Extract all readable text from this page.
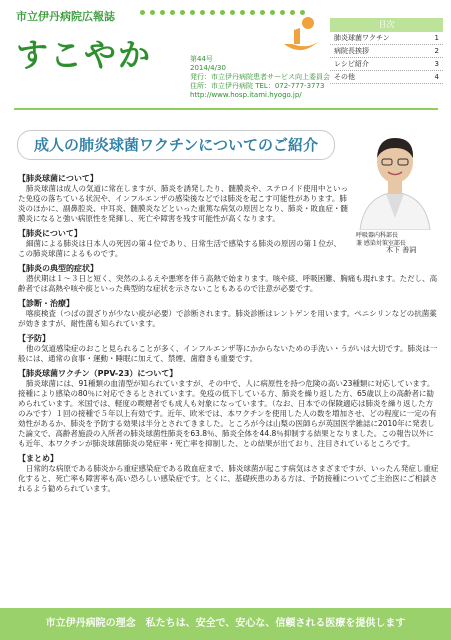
市立伊丹病院広報誌
すこやか	第44号
2014/4/30
発行：市立伊丹病院患者サービス向上委員会
住所：市立伊丹病院 TEL：072-777-3773
http://www.hosp.itami.hyogo.jp/
目次
肺炎球菌ワクチン	1
病院長挨拶	2
レシピ紹介	3
その他	4
成人の肺炎球菌ワクチンについてのご紹介
呼吸器内科部長
兼 感染対策室部長
木下 善詞
【肺炎球菌について】
肺炎球菌は成人の気道に常在しますが、肺炎を誘発したり、髄膜炎や、ステロイド使用中といった免疫の落ちている状況や、インフルエンザの感染後などでは肺炎を起こす可能性があります。肺炎のほかに、副鼻腔炎、中耳炎、髄膜炎などといった重篤な病気の原因となり、肺炎・敗血症・髄膜炎になると強い病原性を発揮し、死亡や障害を残す可能性が高くなります。
【肺炎について】
細菌による肺炎は日本人の死因の第４位であり、日常生活で感染する肺炎の原因の第１位が、この肺炎球菌によるものです。
【肺炎の典型的症状】
潜伏期は１～３日と短く、突然のふるえや悪寒を伴う高熱で始まります。咳や痰、呼吸困難、胸痛も現れます。ただし、高齢者では高熱や咳や痰といった典型的な症状を示さないこともあるので注意が必要です。
【診断・治療】
喀痰検査（つばの混ざりが少ない痰が必要）で診断されます。肺炎診断はレントゲンを用います。ペニシリンなどの抗菌薬が効きますが、耐性菌も知られています。
【予防】
他の気道感染症のおこと見られることが多く、インフルエンザ等にかからないための手洗い・うがいは大切です。肺炎は一般には、通常の食事・運動・睡眠に加えて、禁煙、歯磨きも重要です。
【肺炎球菌ワクチン（PPV-23）について】
肺炎球菌には、91種類の血清型が知られていますが、その中で、人に病原性を持つ危険の高い23種類に対応しています。接種により感染の80％に対応できるとされています。免疫の低下している方、肺炎を繰り返した方、65歳以上の高齢者に勧められています。米国では、軽度の喫煙者でも成人も対象になっています。（なお、日本での保険適応は肺炎を繰り返した方のみです）１回の接種で５年以上有効です。近年、欧米では、本ワクチンを使用した人の数を増加させ、どの程度に一定の有効性があるか、肺炎を予防する効果は半分とされてきました。ところが今は山梨の医師らが英国医学雑誌に2010年に発表した論文で、高齢者施設の入所者の肺炎球菌性肺炎を63.8％、肺炎全体を44.8％抑制する結果となりました。この報告以外にも近年、本ワクチンが肺炎球菌肺炎の発症率・死亡率を抑制した、との結果が出ており、注目されているところです。
【まとめ】
日常的な病原である肺炎から重症感染症である敗血症まで、肺炎球菌が起こす病気はさまざまですが、いったん発症し重症化すると、死亡率も障害率も高い恐ろしい感染症です。とくに、基礎疾患のある方は、予防接種についてご主治医にご相談されるよう勧められています。
市立伊丹病院の理念　私たちは、安全で、安心な、信頼される医療を提供します
